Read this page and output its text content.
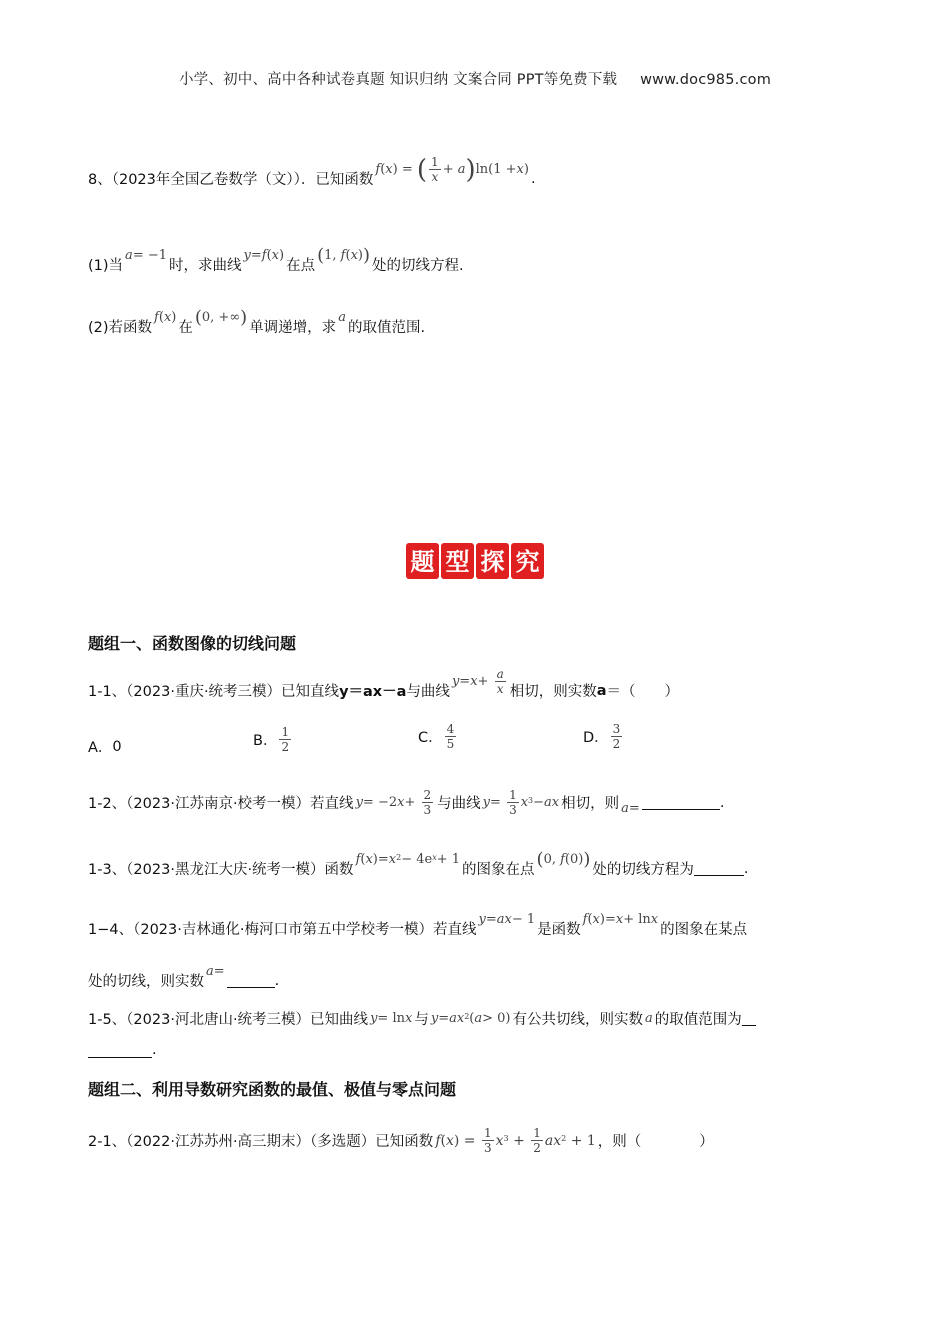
小学、初中、高中各种试卷真题 知识归纳 文案合同 PPT等免费下载 www.doc985.com
8、（2023年全国乙卷数学（文））．已知函数
f ( x )
=
( $\frac{1}{x} + a$ ) ln(1 + x )
.
(1)当
a = −1
时，求曲线
y = f ( x )
在点
( 1, f ( x ) )
处的切线方程.
(2)若函数
f ( x )
在
( 0, +∞ )
单调递增，求
a
的取值范围.
题 型 探 究
题组一、函数图像的切线问题
1-1、（2023·重庆·统考三模）已知直线 y＝ax－a 与曲线
y = x +
$\frac{a}{x}$ 相切，则实数 a ＝（　　）
A． 0	B． $\frac{1}{2}$	C． $\frac{4}{5}$	D． $\frac{3}{2}$
1-2、（2023·江苏南京·校考一模）若直线 y = −2 x +
$\frac{2}{3}$ 与曲线 y =
$\frac{1}{3} x^3$ − ax 相切，则 a =	.
1-3、（2023·黑龙江大庆·统考一模）函数
f ( x ) = $x^2 - 4e^x + 1$
的图象在点
( 0, f (0) )
处的切线方程为	.
1−4、（2023·吉林通化·梅河口市第五中学校考一模）若直线
y = ax − 1
是函数
f ( x ) = x + ln x
的图象在某点
处的切线，则实数
a =
.
1-5、（2023·河北唐山·统考三模）已知曲线 y = ln x 与 $y = ax^2$ ( a > 0) 有公共切线，则实数 a 的取值范围为
.
题组二、利用导数研究函数的最值、极值与零点问题
2-1、（2022·江苏苏州·高三期末）（多选题）已知函数 f ( x ) =
$\frac{1}{3} x^3$
+
$\frac{1}{2} ax^2$
+ 1 ，则（　　　　）
